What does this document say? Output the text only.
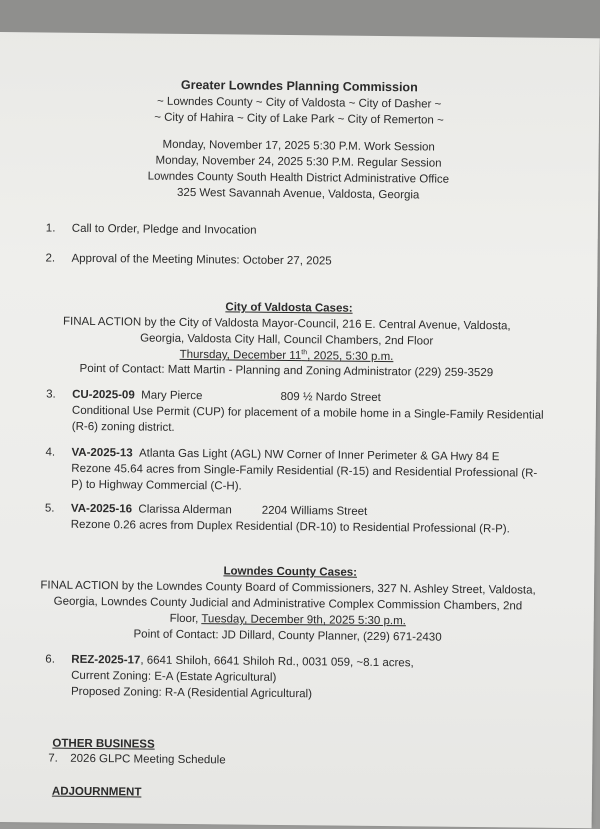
Greater Lowndes Planning Commission
~ Lowndes County ~ City of Valdosta ~ City of Dasher ~
~ City of Hahira ~ City of Lake Park ~ City of Remerton ~
Monday, November 17, 2025 5:30 P.M. Work Session
Monday, November 24, 2025 5:30 P.M. Regular Session
Lowndes County South Health District Administrative Office
325 West Savannah Avenue, Valdosta, Georgia
1. Call to Order, Pledge and Invocation
2. Approval of the Meeting Minutes: October 27, 2025
City of Valdosta Cases:
FINAL ACTION by the City of Valdosta Mayor-Council, 216 E. Central Avenue, Valdosta,
Georgia, Valdosta City Hall, Council Chambers, 2nd Floor
Thursday, December 11th, 2025, 5:30 p.m.
Point of Contact: Matt Martin - Planning and Zoning Administrator (229) 259-3529
3. CU-2025-09 Mary Pierce	809 ½ Nardo Street
Conditional Use Permit (CUP) for placement of a mobile home in a Single-Family Residential
(R-6) zoning district.
4. VA-2025-13 Atlanta Gas Light (AGL) NW Corner of Inner Perimeter & GA Hwy 84 E
Rezone 45.64 acres from Single-Family Residential (R-15) and Residential Professional (R-
P) to Highway Commercial (C-H).
5. VA-2025-16 Clarissa Alderman	2204 Williams Street
Rezone 0.26 acres from Duplex Residential (DR-10) to Residential Professional (R-P).
Lowndes County Cases:
FINAL ACTION by the Lowndes County Board of Commissioners, 327 N. Ashley Street, Valdosta,
Georgia, Lowndes County Judicial and Administrative Complex Commission Chambers, 2nd
Floor, Tuesday, December 9th, 2025 5:30 p.m.
Point of Contact: JD Dillard, County Planner, (229) 671-2430
6. REZ-2025-17, 6641 Shiloh, 6641 Shiloh Rd., 0031 059, ~8.1 acres,
Current Zoning: E-A (Estate Agricultural)
Proposed Zoning: R-A (Residential Agricultural)
OTHER BUSINESS
7. 2026 GLPC Meeting Schedule
ADJOURNMENT
